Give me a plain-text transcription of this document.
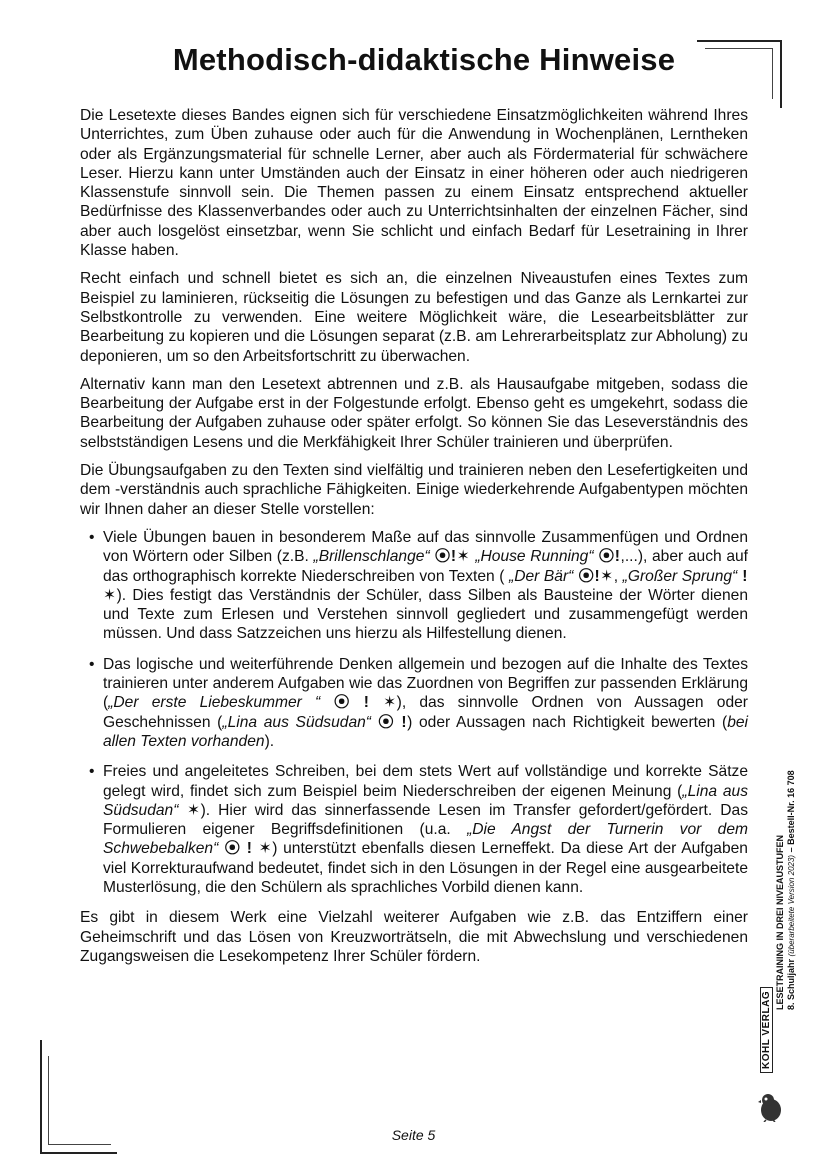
Methodisch-didaktische Hinweise

Die Lesetexte dieses Bandes eignen sich für verschiedene Einsatzmöglichkeiten während Ihres Unterrichtes, zum Üben zuhause oder auch für die Anwendung in Wochenplänen, Lerntheken oder als Ergänzungsmaterial für schnelle Lerner, aber auch als Fördermaterial für schwächere Leser. Hierzu kann unter Umständen auch der Einsatz in einer höheren oder auch niedrigeren Klassenstufe sinnvoll sein. Die Themen passen zu einem Einsatz entsprechend aktueller Bedürfnisse des Klassenverbandes oder auch zu Unterrichtsinhalten der einzelnen Fächer, sind aber auch losgelöst einsetzbar, wenn Sie schlicht und einfach Bedarf für Lesetraining in Ihrer Klasse haben.

Recht einfach und schnell bietet es sich an, die einzelnen Niveaustufen eines Textes zum Beispiel zu laminieren, rückseitig die Lösungen zu befestigen und das Ganze als Lernkartei zur Selbstkontrolle zu verwenden. Eine weitere Möglichkeit wäre, die Lesearbeitsblätter zur Bearbeitung zu kopieren und die Lösungen separat (z.B. am Lehrerarbeitsplatz zur Abholung) zu deponieren, um so den Arbeitsfortschritt zu überwachen.

Alternativ kann man den Lesetext abtrennen und z.B. als Hausaufgabe mitgeben, sodass die Bearbeitung der Aufgabe erst in der Folgestunde erfolgt. Ebenso geht es umgekehrt, sodass die Bearbeitung der Aufgaben zuhause oder später erfolgt. So können Sie das Leseverständnis des selbstständigen Lesens und die Merkfähigkeit Ihrer Schüler trainieren und überprüfen.

Die Übungsaufgaben zu den Texten sind vielfältig und trainieren neben den Lesefertigkeiten und dem -verständnis auch sprachliche Fähigkeiten. Einige wiederkehrende Aufgabentypen möchten wir Ihnen daher an dieser Stelle vorstellen:

• Viele Übungen bauen in besonderem Maße auf das sinnvolle Zusammenfügen und Ordnen von Wörtern oder Silben (z.B. „Brillenschlange“ ⦿!✶ „House Running“ ⦿!,...), aber auch auf das orthographisch korrekte Niederschreiben von Texten ( „Der Bär“ ⦿!✶, „Großer Sprung“ ! ✶). Dies festigt das Verständnis der Schüler, dass Silben als Bausteine der Wörter dienen und Texte zum Erlesen und Verstehen sinnvoll gegliedert und zusammengefügt werden müssen. Und dass Satzzeichen uns hierzu als Hilfestellung dienen.
• Das logische und weiterführende Denken allgemein und bezogen auf die Inhalte des Textes trainieren unter anderem Aufgaben wie das Zuordnen von Begriffen zur passenden Erklärung („Der erste Liebeskummer “ ⦿ ! ✶), das sinnvolle Ordnen von Aussagen oder Geschehnissen („Lina aus Südsudan“ ⦿ !) oder Aussagen nach Richtigkeit bewerten (bei allen Texten vorhanden).
• Freies und angeleitetes Schreiben, bei dem stets Wert auf vollständige und korrekte Sätze gelegt wird, findet sich zum Beispiel beim Niederschreiben der eigenen Meinung („Lina aus Südsudan“ ✶). Hier wird das sinnerfassende Lesen im Transfer gefordert/gefördert. Das Formulieren eigener Begriffsdefinitionen (u.a. „Die Angst der Turnerin vor dem Schwebebalken“ ⦿ ! ✶) unterstützt ebenfalls diesen Lerneffekt. Da diese Art der Aufgaben viel Korrekturaufwand bedeutet, findet sich in den Lösungen in der Regel eine ausgearbeitete Musterlösung, die den Schülern als sprachliches Vorbild dienen kann.

Es gibt in diesem Werk eine Vielzahl weiterer Aufgaben wie z.B. das Entziffern einer Geheimschrift und das Lösen von Kreuzworträtseln, die mit Abwechslung und verschiedenen Zugangsweisen die Lesekompetenz Ihrer Schüler fördern.	LESETRAINING IN DREI NIVEAUSTUFEN 8. Schuljahr (überarbeitete Version 2023) – Bestell-Nr. 16 708
KOHL VERLAG
Seite 5
